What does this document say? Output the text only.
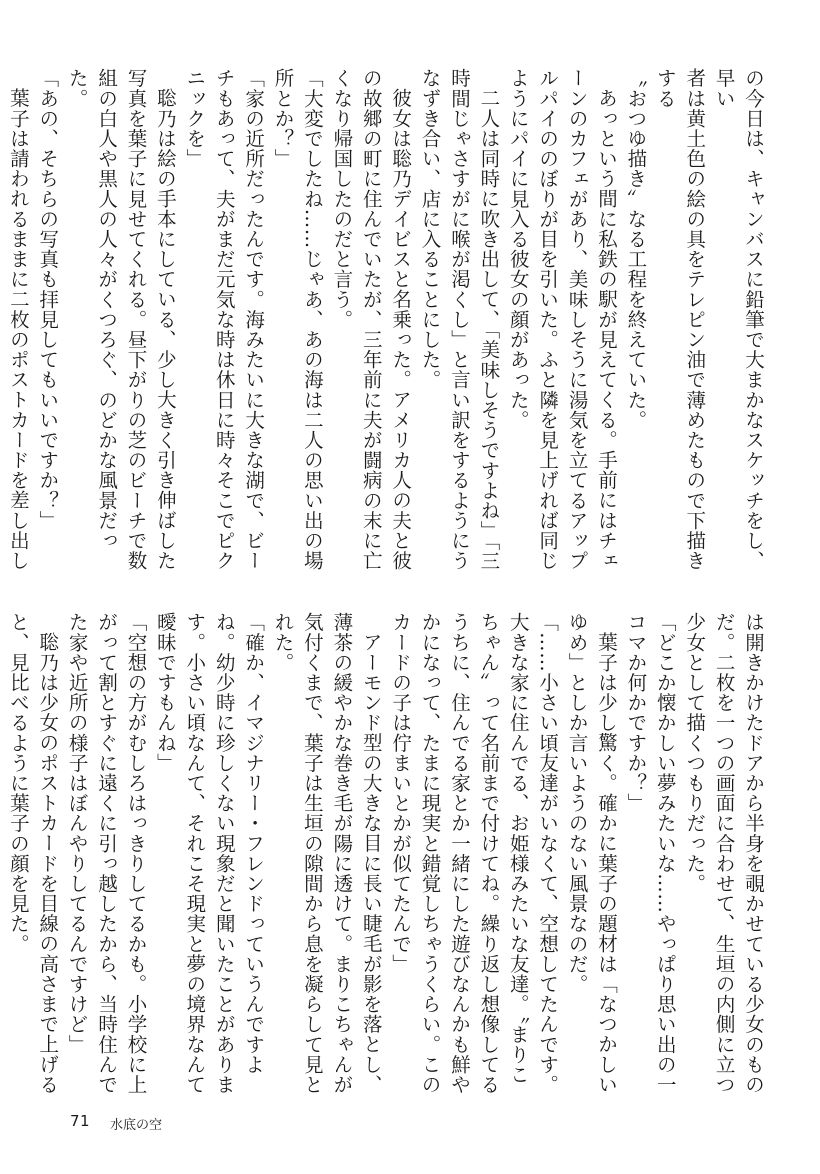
の今日は、キャンバスに鉛筆で大まかなスケッチをし、早い

者は黄土色の絵の具をテレピン油で薄めたもので下描きする

〝おつゆ描き〟なる工程を終えていた。

あっという間に私鉄の駅が見えてくる。手前にはチェーンのカフェがあり、美味しそうに湯気を立てるアップルパイののぼりが目を引いた。ふと隣を見上げれば同じようにパイに見入る彼女の顔があった。

二人は同時に吹き出して、「美味しそうですよね」「三時間じゃさすがに喉が渇くし」と言い訳をするようにうなずき合い、店に入ることにした。

彼女は聡乃デイビスと名乗った。アメリカ人の夫と彼の故郷の町に住んでいたが、三年前に夫が闘病の末に亡くなり帰国したのだと言う。

「大変でしたね……じゃあ、あの海は二人の思い出の場所とか？」

「家の近所だったんです。海みたいに大きな湖で、ビーチもあって、夫がまだ元気な時は休日に時々そこでピクニックを」

聡乃は絵の手本にしている、少し大きく引き伸ばした写真を葉子に見せてくれる。昼下がりの芝のビーチで数組の白人や黒人の人々がくつろぐ、のどかな風景だった。

「あの、そちらの写真も拝見してもいいですか？」

葉子は請われるままに二枚のポストカードを差し出し

は開きかけたドアから半身を覗かせている少女のものだ。二枚を一つの画面に合わせて、生垣の内側に立つ少女として描くつもりだった。

「どこか懐かしい夢みたいな……やっぱり思い出の一コマか何かですか？」

葉子は少し驚く。確かに葉子の題材は「なつかしいゆめ」としか言いようのない風景なのだ。

「……小さい頃友達がいなくて、空想してたんです。大きな家に住んでる、お姫様みたいな友達。〝まりこちゃん〟って名前まで付けてね。繰り返し想像してるうちに、住んでる家とか一緒にした遊びなんかも鮮やかになって、たまに現実と錯覚しちゃうくらい。このカードの子は佇まいとかが似てたんで」

アーモンド型の大きな目に長い睫毛が影を落とし、薄茶の緩やかな巻き毛が陽に透けて。まりこちゃんが気付くまで、葉子は生垣の隙間から息を凝らして見とれた。

「確か、イマジナリー・フレンドっていうんですよね。幼少時に珍しくない現象だと聞いたことがあります。小さい頃なんて、それこそ現実と夢の境界なんて曖昧ですもんね」

「空想の方がむしろはっきりしてるかも。小学校に上がって割とすぐに遠くに引っ越したから、当時住んでた家や近所の様子はぼんやりしてるんですけど」

聡乃は少女のポストカードを目線の高さまで上げると、見比べるように葉子の顔を見た。

71 水底の空
